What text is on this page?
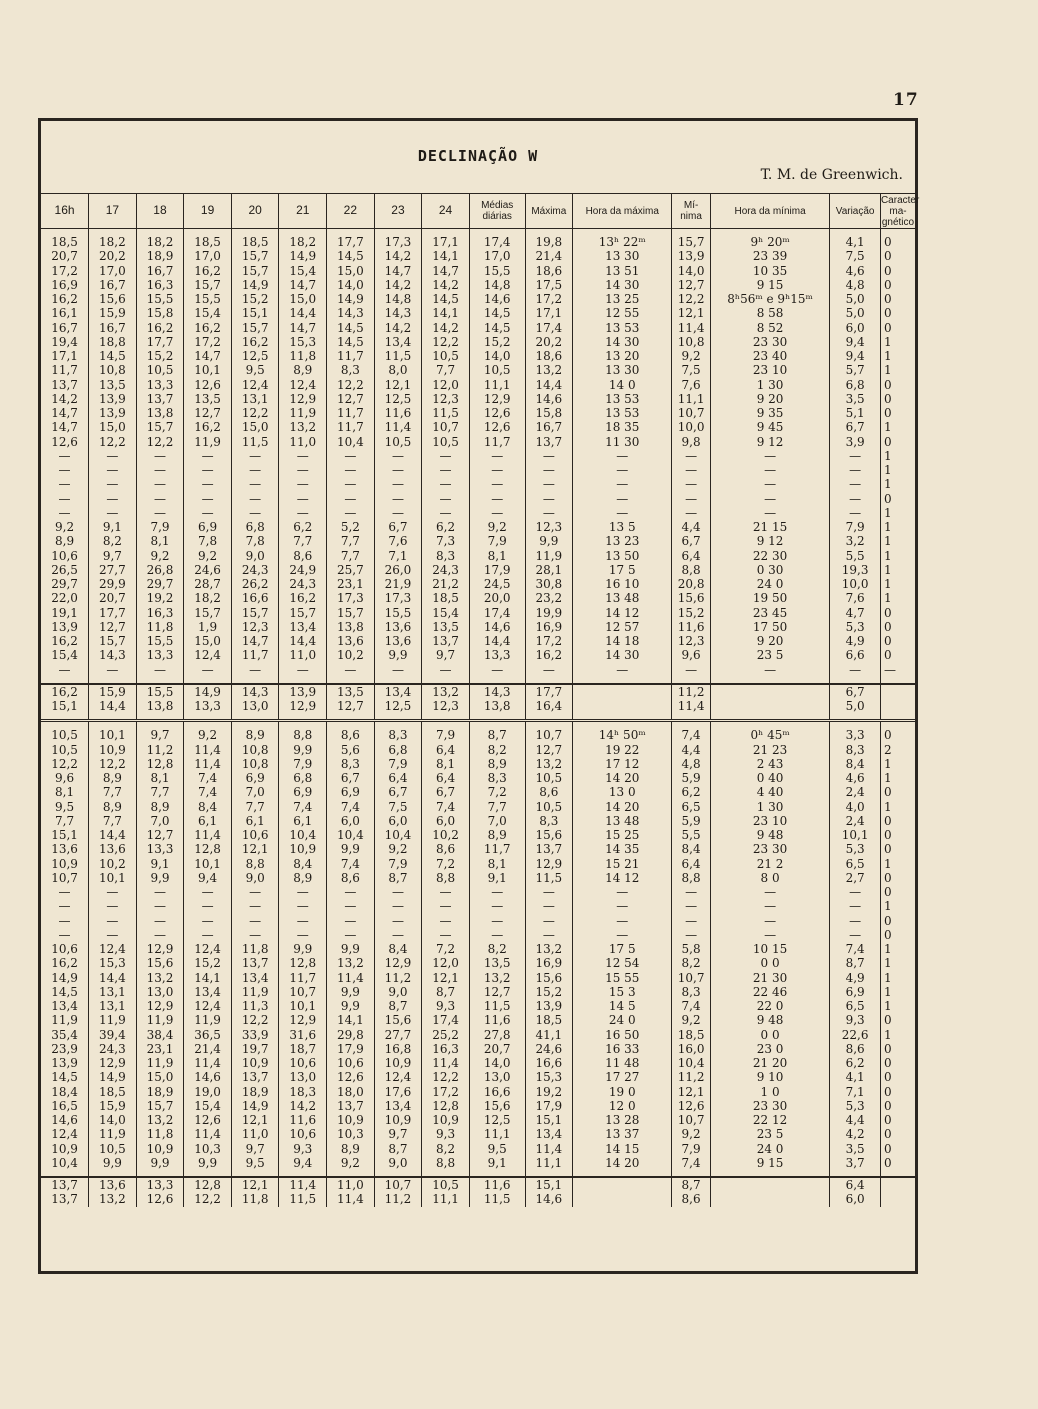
17
DECLINAÇÃO W
T. M. de Greenwich.
16h	17	18	19	20	21	22	23	24	Médias diárias	Máxima	Hora da máxima	Mí- nima	Hora da mínima	Variação	Caracter ma- gnético

18,5	18,2	18,2	18,5	18,5	18,2	17,7	17,3	17,1	17,4	19,8	13ʰ 22ᵐ	15,7	9ʰ 20ᵐ	4,1	0
20,7	20,2	18,9	17,0	15,7	14,9	14,5	14,2	14,1	17,0	21,4	13 30	13,9	23 39	7,5	0
17,2	17,0	16,7	16,2	15,7	15,4	15,0	14,7	14,7	15,5	18,6	13 51	14,0	10 35	4,6	0
16,9	16,7	16,3	15,7	14,9	14,7	14,0	14,2	14,2	14,8	17,5	14 30	12,7	9 15	4,8	0
16,2	15,6	15,5	15,5	15,2	15,0	14,9	14,8	14,5	14,6	17,2	13 25	12,2	8ʰ56ᵐ e 9ʰ15ᵐ	5,0	0
16,1	15,9	15,8	15,4	15,1	14,4	14,3	14,3	14,1	14,5	17,1	12 55	12,1	8 58	5,0	0
16,7	16,7	16,2	16,2	15,7	14,7	14,5	14,2	14,2	14,5	17,4	13 53	11,4	8 52	6,0	0
19,4	18,8	17,7	17,2	16,2	15,3	14,5	13,4	12,2	15,2	20,2	14 30	10,8	23 30	9,4	1
17,1	14,5	15,2	14,7	12,5	11,8	11,7	11,5	10,5	14,0	18,6	13 20	9,2	23 40	9,4	1
11,7	10,8	10,5	10,1	9,5	8,9	8,3	8,0	7,7	10,5	13,2	13 30	7,5	23 10	5,7	1
13,7	13,5	13,3	12,6	12,4	12,4	12,2	12,1	12,0	11,1	14,4	14 0	7,6	1 30	6,8	0
14,2	13,9	13,7	13,5	13,1	12,9	12,7	12,5	12,3	12,9	14,6	13 53	11,1	9 20	3,5	0
14,7	13,9	13,8	12,7	12,2	11,9	11,7	11,6	11,5	12,6	15,8	13 53	10,7	9 35	5,1	0
14,7	15,0	15,7	16,2	15,0	13,2	11,7	11,4	10,7	12,6	16,7	18 35	10,0	9 45	6,7	1
12,6	12,2	12,2	11,9	11,5	11,0	10,4	10,5	10,5	11,7	13,7	11 30	9,8	9 12	3,9	0
—	—	—	—	—	—	—	—	—	—	—	—	—	—	—	1
—	—	—	—	—	—	—	—	—	—	—	—	—	—	—	1
—	—	—	—	—	—	—	—	—	—	—	—	—	—	—	1
—	—	—	—	—	—	—	—	—	—	—	—	—	—	—	0
—	—	—	—	—	—	—	—	—	—	—	—	—	—	—	1
9,2	9,1	7,9	6,9	6,8	6,2	5,2	6,7	6,2	9,2	12,3	13 5	4,4	21 15	7,9	1
8,9	8,2	8,1	7,8	7,8	7,7	7,7	7,6	7,3	7,9	9,9	13 23	6,7	9 12	3,2	1
10,6	9,7	9,2	9,2	9,0	8,6	7,7	7,1	8,3	8,1	11,9	13 50	6,4	22 30	5,5	1
26,5	27,7	26,8	24,6	24,3	24,9	25,7	26,0	24,3	17,9	28,1	17 5	8,8	0 30	19,3	1
29,7	29,9	29,7	28,7	26,2	24,3	23,1	21,9	21,2	24,5	30,8	16 10	20,8	24 0	10,0	1
22,0	20,7	19,2	18,2	16,6	16,2	17,3	17,3	18,5	20,0	23,2	13 48	15,6	19 50	7,6	1
19,1	17,7	16,3	15,7	15,7	15,7	15,7	15,5	15,4	17,4	19,9	14 12	15,2	23 45	4,7	0
13,9	12,7	11,8	1,9	12,3	13,4	13,8	13,6	13,5	14,6	16,9	12 57	11,6	17 50	5,3	0
16,2	15,7	15,5	15,0	14,7	14,4	13,6	13,6	13,7	14,4	17,2	14 18	12,3	9 20	4,9	0
15,4	14,3	13,3	12,4	11,7	11,0	10,2	9,9	9,7	13,3	16,2	14 30	9,6	23 5	6,6	0
—	—	—	—	—	—	—	—	—	—	—	—	—	—	—	—

16,2	15,9	15,5	14,9	14,3	13,9	13,5	13,4	13,2	14,3	17,7		11,2		6,7	
15,1	14,4	13,8	13,3	13,0	12,9	12,7	12,5	12,3	13,8	16,4		11,4		5,0	

10,5	10,1	9,7	9,2	8,9	8,8	8,6	8,3	7,9	8,7	10,7	14ʰ 50ᵐ	7,4	0ʰ 45ᵐ	3,3	0
10,5	10,9	11,2	11,4	10,8	9,9	5,6	6,8	6,4	8,2	12,7	19 22	4,4	21 23	8,3	2
12,2	12,2	12,8	11,4	10,8	7,9	8,3	7,9	8,1	8,9	13,2	17 12	4,8	2 43	8,4	1
9,6	8,9	8,1	7,4	6,9	6,8	6,7	6,4	6,4	8,3	10,5	14 20	5,9	0 40	4,6	1
8,1	7,7	7,7	7,4	7,0	6,9	6,9	6,7	6,7	7,2	8,6	13 0	6,2	4 40	2,4	0
9,5	8,9	8,9	8,4	7,7	7,4	7,4	7,5	7,4	7,7	10,5	14 20	6,5	1 30	4,0	1
7,7	7,7	7,0	6,1	6,1	6,1	6,0	6,0	6,0	7,0	8,3	13 48	5,9	23 10	2,4	0
15,1	14,4	12,7	11,4	10,6	10,4	10,4	10,4	10,2	8,9	15,6	15 25	5,5	9 48	10,1	0
13,6	13,6	13,3	12,8	12,1	10,9	9,9	9,2	8,6	11,7	13,7	14 35	8,4	23 30	5,3	0
10,9	10,2	9,1	10,1	8,8	8,4	7,4	7,9	7,2	8,1	12,9	15 21	6,4	21 2	6,5	1
10,7	10,1	9,9	9,4	9,0	8,9	8,6	8,7	8,8	9,1	11,5	14 12	8,8	8 0	2,7	0
—	—	—	—	—	—	—	—	—	—	—	—	—	—	—	0
—	—	—	—	—	—	—	—	—	—	—	—	—	—	—	1
—	—	—	—	—	—	—	—	—	—	—	—	—	—	—	0
—	—	—	—	—	—	—	—	—	—	—	—	—	—	—	0
10,6	12,4	12,9	12,4	11,8	9,9	9,9	8,4	7,2	8,2	13,2	17 5	5,8	10 15	7,4	1
16,2	15,3	15,6	15,2	13,7	12,8	13,2	12,9	12,0	13,5	16,9	12 54	8,2	0 0	8,7	1
14,9	14,4	13,2	14,1	13,4	11,7	11,4	11,2	12,1	13,2	15,6	15 55	10,7	21 30	4,9	1
14,5	13,1	13,0	13,4	11,9	10,7	9,9	9,0	8,7	12,7	15,2	15 3	8,3	22 46	6,9	1
13,4	13,1	12,9	12,4	11,3	10,1	9,9	8,7	9,3	11,5	13,9	14 5	7,4	22 0	6,5	1
11,9	11,9	11,9	11,9	12,2	12,9	14,1	15,6	17,4	11,6	18,5	24 0	9,2	9 48	9,3	0
35,4	39,4	38,4	36,5	33,9	31,6	29,8	27,7	25,2	27,8	41,1	16 50	18,5	0 0	22,6	1
23,9	24,3	23,1	21,4	19,7	18,7	17,9	16,8	16,3	20,7	24,6	16 33	16,0	23 0	8,6	0
13,9	12,9	11,9	11,4	10,9	10,6	10,6	10,9	11,4	14,0	16,6	11 48	10,4	21 20	6,2	0
14,5	14,9	15,0	14,6	13,7	13,0	12,6	12,4	12,2	13,0	15,3	17 27	11,2	9 10	4,1	0
18,4	18,5	18,9	19,0	18,9	18,3	18,0	17,6	17,2	16,6	19,2	19 0	12,1	1 0	7,1	0
16,5	15,9	15,7	15,4	14,9	14,2	13,7	13,4	12,8	15,6	17,9	12 0	12,6	23 30	5,3	0
14,6	14,0	13,2	12,6	12,1	11,6	10,9	10,9	10,9	12,5	15,1	13 28	10,7	22 12	4,4	0
12,4	11,9	11,8	11,4	11,0	10,6	10,3	9,7	9,3	11,1	13,4	13 37	9,2	23 5	4,2	0
10,9	10,5	10,9	10,3	9,7	9,3	8,9	8,7	8,2	9,5	11,4	14 15	7,9	24 0	3,5	0
10,4	9,9	9,9	9,9	9,5	9,4	9,2	9,0	8,8	9,1	11,1	14 20	7,4	9 15	3,7	0

13,7	13,6	13,3	12,8	12,1	11,4	11,0	10,7	10,5	11,6	15,1		8,7		6,4	
13,7	13,2	12,6	12,2	11,8	11,5	11,4	11,2	11,1	11,5	14,6		8,6		6,0	
